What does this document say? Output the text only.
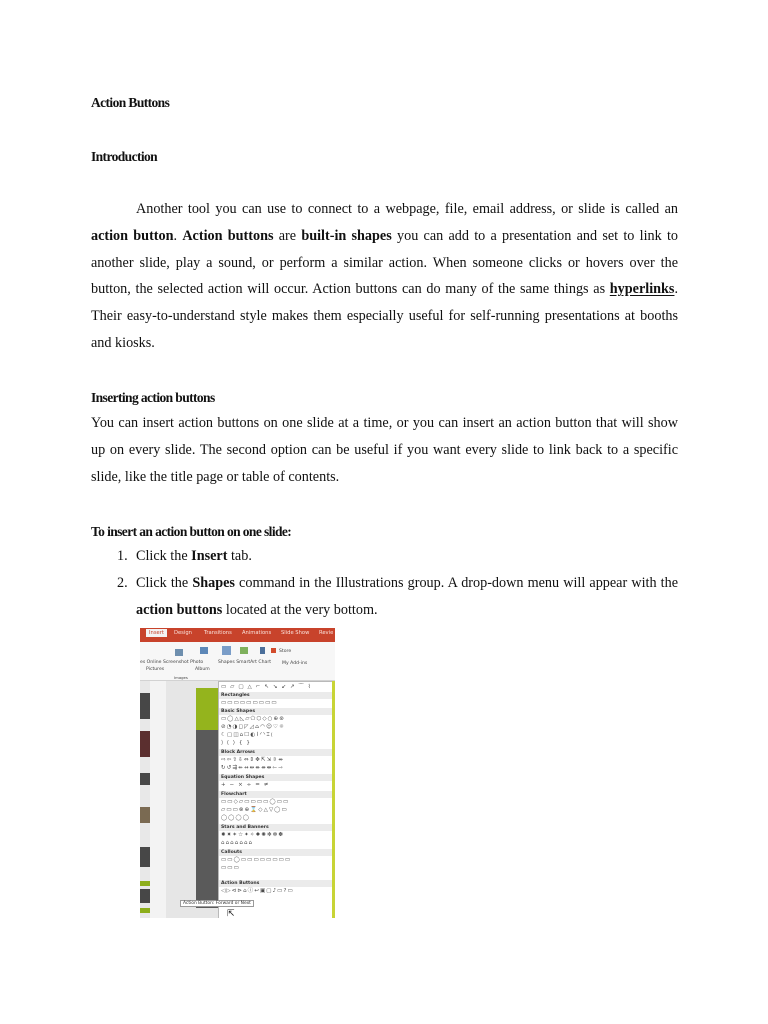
Action Buttons
Introduction

Another tool you can use to connect to a webpage, file, email address, or slide is called an action button. Action buttons are built-in shapes you can add to a presentation and set to link to another slide, play a sound, or perform a similar action. When someone clicks or hovers over the button, the selected action will occur. Action buttons can do many of the same things as hyperlinks. Their easy-to-understand style makes them especially useful for self-running presentations at booths and kiosks.

Inserting action buttons

You can insert action buttons on one slide at a time, or you can insert an action button that will show up on every slide. The second option can be useful if you want every slide to link back to a specific slide, like the title page or table of contents.

To insert an action button on one slide:
1. Click the Insert tab.
2. Click the Shapes command in the Illustrations group. A drop-down menu will appear with the action buttons located at the very bottom.
Insert	Design Transitions Animations Slide Show Revie
es Online Screenshot Photo
Pictures	Album
Shapes SmartArt Chart
Store
My Add-ins
Images
▭ ▱ ▢ △ ⌐ ↖ ↘ ↙ ↗ ⌒ ⌇
Rectangles
▭▭▭▭▭▭▭▭▭
Basic Shapes
▭◯△◺▱⬠⬡◇○⊕⊛
⊘◔◑◻◸◿⌓◠☺♡☼
☾▢◫⌂☐◐⌇◜◝⌶⟮
⟯ ⟨ ⟩ { }
Block Arrows
⇨⇦⇧⇩⇔⇕✥⇱⇲⇳⇴
↻↺⇶⇷⇸⇹⇺⇻⇼⇽⇾
Equation Shapes
+ − × ÷ = ≠
Flowchart
▭▭◇▱▭▭▭▭◯▭▭
▱▭▭⊗⊕⌛◇△▽◯▭
◯◯◯◯
Stars and Banners
✸✷✶☆✦✧✹✺✻✼✽
⌂⌂⌂⌂⌂⌂⌂
Callouts
▭▭◯▭▭▭▭▭▭▭▭
▭▭▭
Action Buttons
◁▷⊲⊳⌂ⓘ↩▣▢♪▭?▭
Action Button: Forward or Next
⇱
